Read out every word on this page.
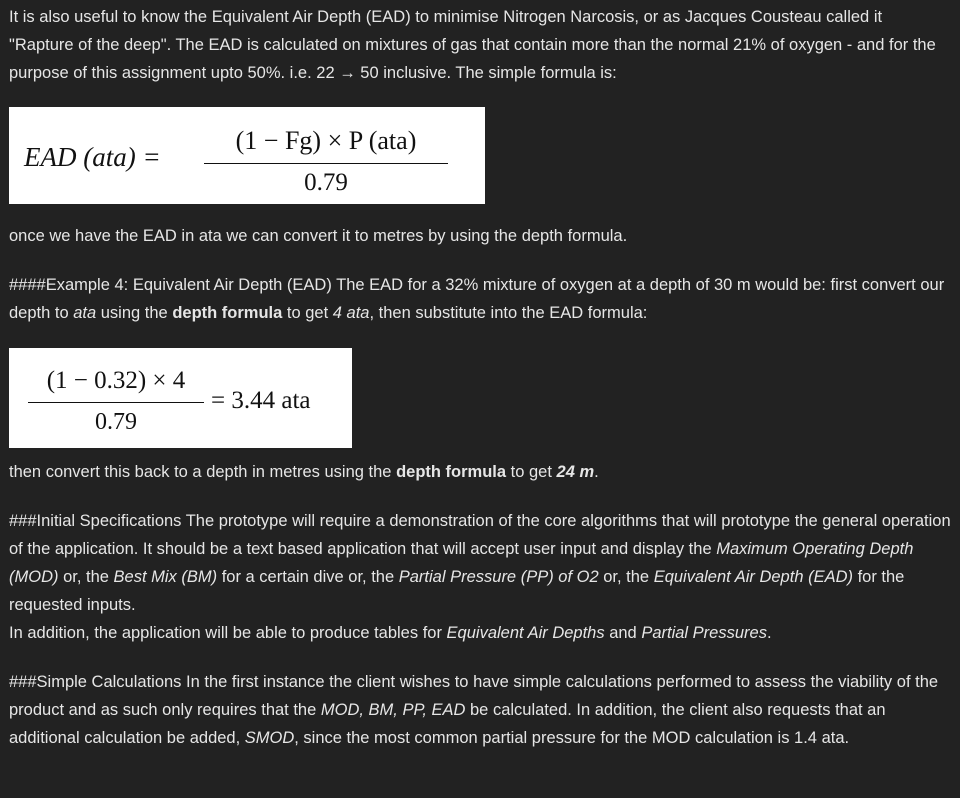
It is also useful to know the Equivalent Air Depth (EAD) to minimise Nitrogen Narcosis, or as Jacques Cousteau called it "Rapture of the deep". The EAD is calculated on mixtures of gas that contain more than the normal 21% of oxygen - and for the purpose of this assignment upto 50%. i.e. 22 → 50 inclusive. The simple formula is:

EAD (ata) =
(1 − Fg) × P (ata)
0.79

once we have the EAD in ata we can convert it to metres by using the depth formula.

####Example 4: Equivalent Air Depth (EAD) The EAD for a 32% mixture of oxygen at a depth of 30 m would be: first convert our depth to ata using the depth formula to get 4 ata, then substitute into the EAD formula:

(1 − 0.32) × 4
0.79
= 3.44 ata

then convert this back to a depth in metres using the depth formula to get 24 m.

###Initial Specifications The prototype will require a demonstration of the core algorithms that will prototype the general operation of the application. It should be a text based application that will accept user input and display the Maximum Operating Depth (MOD) or, the Best Mix (BM) for a certain dive or, the Partial Pressure (PP) of O2 or, the Equivalent Air Depth (EAD) for the requested inputs.

In addition, the application will be able to produce tables for Equivalent Air Depths and Partial Pressures.

###Simple Calculations In the first instance the client wishes to have simple calculations performed to assess the viability of the product and as such only requires that the MOD, BM, PP, EAD be calculated. In addition, the client also requests that an additional calculation be added, SMOD, since the most common partial pressure for the MOD calculation is 1.4 ata.
